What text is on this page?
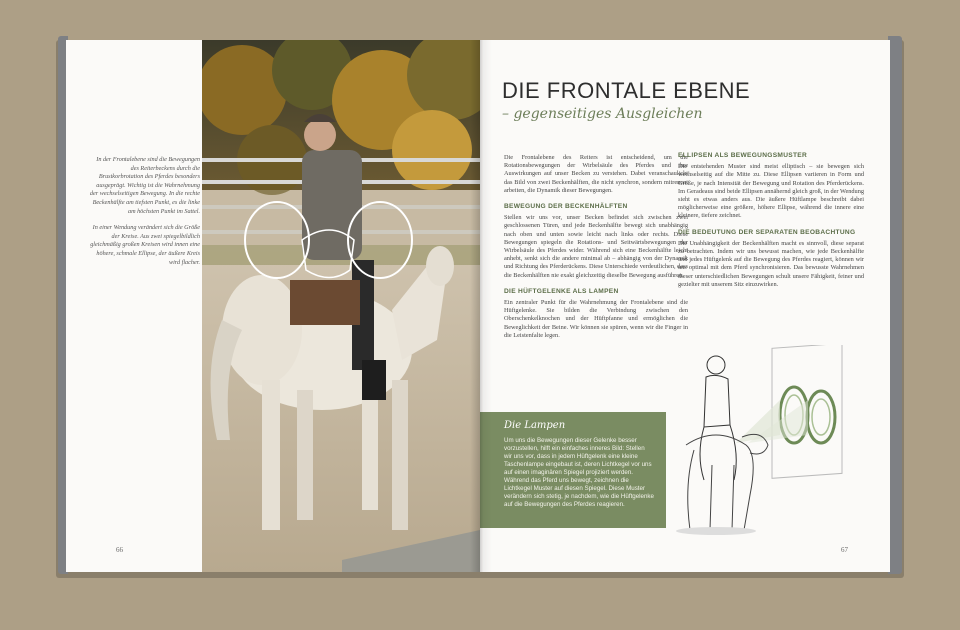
In der Frontalebene sind die Bewegungen des Reiterbeckens durch die Brustkorbrotation des Pferdes besonders ausgeprägt. Wichtig ist die Wahrnehmung der wechselseitigen Bewegung. In die rechte Beckenhälfte am tiefsten Punkt, es die linke am höchsten Punkt im Sattel.

In einer Wendung verändert sich die Größe der Kreise. Aus zwei spiegelbildlich gleichmäßig großen Kreisen wird innen eine höhere, schmale Ellipse, der äußere Kreis wird flacher.

66
DIE FRONTALE EBENE
– gegenseitiges Ausgleichen

Die Frontalebene des Reiters ist entscheidend, um die Rotationsbewegungen der Wirbelsäule des Pferdes und ihre Auswirkungen auf unser Becken zu verstehen. Dabei veranschaulicht das Bild von zwei Beckenhälften, die nicht synchron, sondern mitrenent arbeiten, die Dynamik dieser Bewegungen.

BEWEGUNG DER BECKENHÄLFTEN

Stellen wir uns vor, unser Becken befindet sich zwischen zwei geschlossenen Türen, und jede Beckenhälfte bewegt sich unabhängig nach oben und unten sowie leicht nach links oder rechts. Diese Bewegungen spiegeln die Rotations- und Seitwärtsbewegungen der Wirbelsäule des Pferdes wider. Während sich eine Beckenhälfte leicht anhebt, senkt sich die andere minimal ab – abhängig von der Dynamik und Richtung des Pferderückens. Diese Unterschiede verdeutlichen, dass die Beckenhälften nie exakt gleichzeitig dieselbe Bewegung ausführen.

DIE HÜFTGELENKE ALS LAMPEN

Ein zentraler Punkt für die Wahrnehmung der Frontalebene sind die Hüftgelenke. Sie bilden die Verbindung zwischen den Oberschenkelknochen und der Hüftpfanne und ermöglichen die Beweglichkeit der Beine. Wir können sie spüren, wenn wir die Finger in die Leistenfalte legen.

Die Lampen
Um uns die Bewegungen dieser Gelenke besser vorzustellen, hilft ein einfaches inneres Bild: Stellen wir uns vor, dass in jedem Hüftgelenk eine kleine Taschenlampe eingebaut ist, deren Lichtkegel vor uns auf einen imaginären Spiegel projiziert werden. Während das Pferd uns bewegt, zeichnen die Lichtkegel Muster auf diesen Spiegel. Diese Muster verändern sich stetig, je nachdem, wie die Hüftgelenke auf die Bewegungen des Pferdes reagieren.
ELLIPSEN ALS BEWEGUNGSMUSTER

Die entstehenden Muster sind meist elliptisch – sie bewegen sich wechselseitig auf die Mitte zu. Diese Ellipsen variieren in Form und Größe, je nach Intensität der Bewegung und Rotation des Pferderückens. Im Geradeaus sind beide Ellipsen annähernd gleich groß, in der Wendung sieht es etwas anders aus. Die äußere Hüftlampe beschreibt dabei möglicherweise eine größere, höhere Ellipse, während die innere eine kleinere, tiefere zeichnet.

DIE BEDEUTUNG DER SEPARATEN BEOBACHTUNG

Die Unabhängigkeit der Beckenhälften macht es sinnvoll, diese separat zu betrachten. Indem wir uns bewusst machen, wie jede Beckenhälfte und jedes Hüftgelenk auf die Bewegung des Pferdes reagiert, können wir uns optimal mit dem Pferd synchronisieren. Das bewusste Wahrnehmen dieser unterschiedlichen Bewegungen schult unsere Fähigkeit, feiner und gezielter mit unserem Sitz einzuwirken.

67
